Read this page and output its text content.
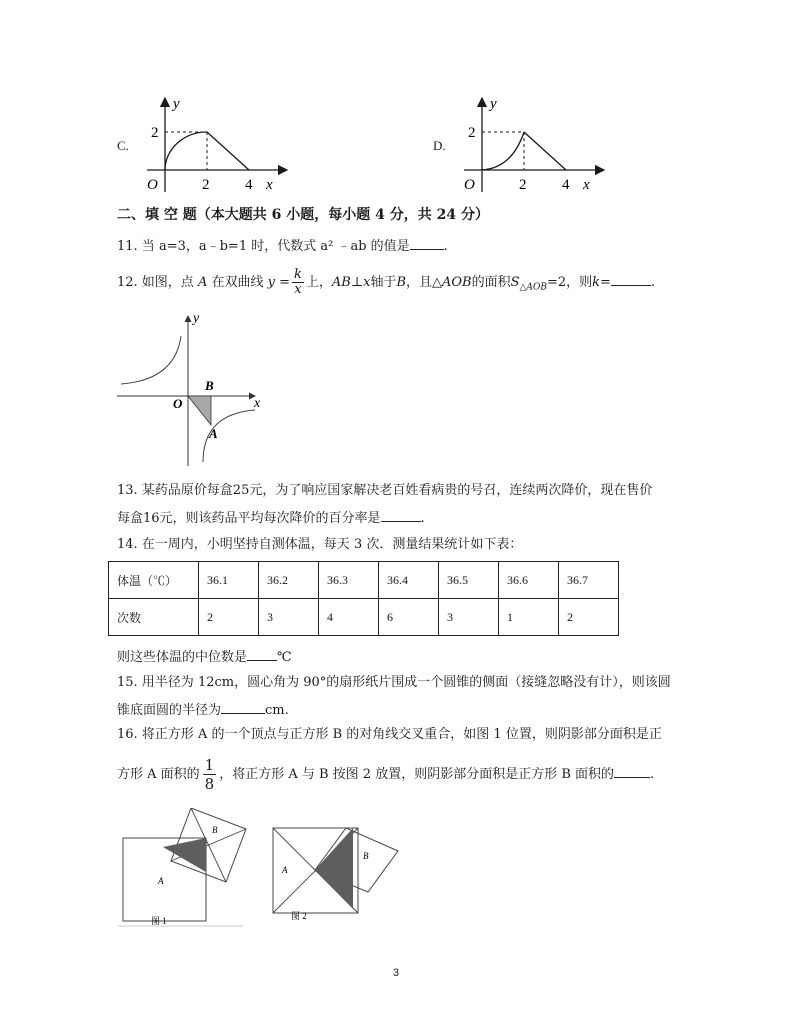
C.
y
2
O	2 4 x
D.
y
2
O	2 4 x
二、填 空 题（本大题共 6 小题，每小题 4 分，共 24 分）
11. 当 a=3，a﹣b=1 时，代数式 a² ﹣ab 的值是	.
12. 如图，点 A 在双曲线 $y = \frac{k}{x}$ 上，AB⊥x轴于B，且△AOB的面积$S_{\triangle AOB}=2$，则k=	.
y
x
O
B
A
13. 某药品原价每盒25元，为了响应国家解决老百姓看病贵的号召，连续两次降价，现在售价
每盒16元，则该药品平均每次降价的百分率是	.
14. 在一周内，小明坚持自测体温，每天 3 次．测量结果统计如下表：
体温（℃）	36.1	36.2	36.3	36.4	36.5	36.6	36.7
次数	2	3	4	6	3	1	2
则这些体温的中位数是 ℃
15. 用半径为 12cm，圆心角为 90°的扇形纸片围成一个圆锥的侧面（接缝忽略没有计），则该圆
锥底面圆的半径为	cm.
16. 将正方形 A 的一个顶点与正方形 B 的对角线交叉重合，如图 1 位置，则阴影部分面积是正
方形 A 面积的 $\frac{1}{8}$ ，将正方形 A 与 B 按图 2 放置，则阴影部分面积是正方形 B 面积的	.
B
A
图 1
B
A
图 2
3
